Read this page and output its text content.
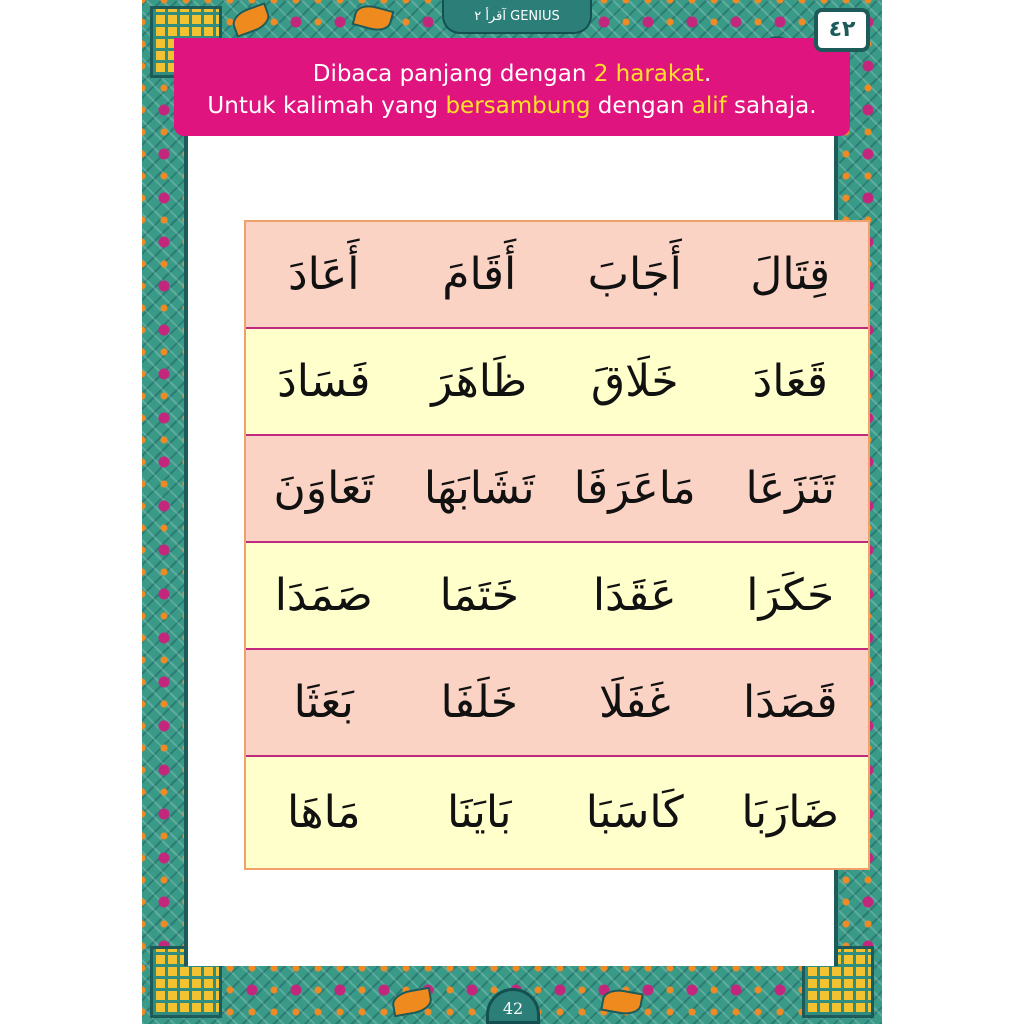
Dibaca panjang dengan 2 harakat.
Untuk kalimah yang bersambung dengan alif sahaja.
آقرأ ٢ GENIUS
٤٢
قِتَالَ
أَجَابَ
أَقَامَ
أَعَادَ
قَعَادَ
خَلَاقَ
ظَاهَرَ
فَسَادَ
تَنَزَعَا
مَاعَرَفَا
تَشَابَهَا
تَعَاوَنَ
حَكَرَا
عَقَدَا
خَتَمَا
صَمَدَا
قَصَدَا
غَفَلَا
خَلَفَا
بَعَثَا
ضَارَبَا
كَاسَبَا
بَايَنَا
مَاهَا
42
